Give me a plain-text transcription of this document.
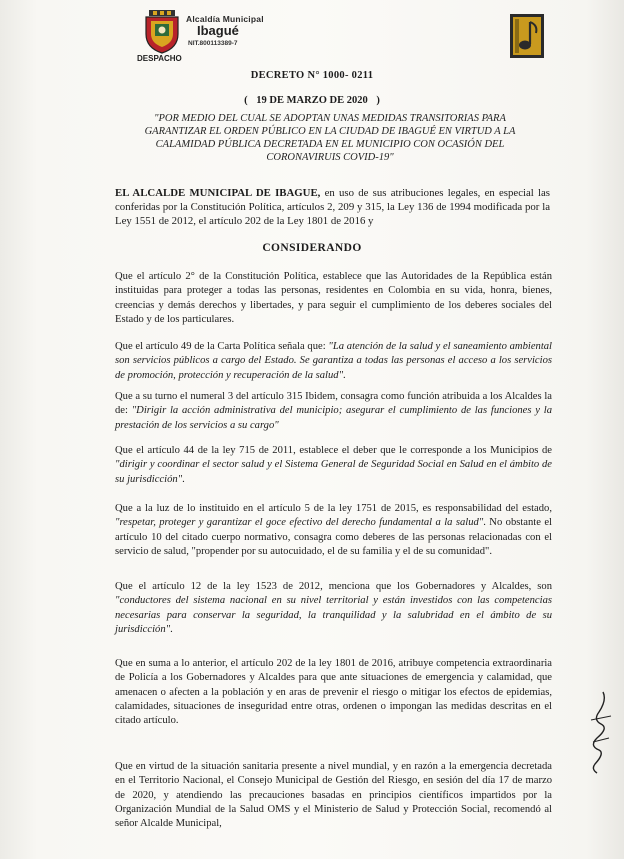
Alcaldía Municipal
Ibagué
NIT.800113389-7
DESPACHO
DECRETO N° 1000- 0211
( 19 DE MARZO DE 2020 )
"POR MEDIO DEL CUAL SE ADOPTAN UNAS MEDIDAS TRANSITORIAS PARA GARANTIZAR EL ORDEN PÚBLICO EN LA CIUDAD DE IBAGUÉ EN VIRTUD A LA CALAMIDAD PÚBLICA DECRETADA EN EL MUNICIPIO CON OCASIÓN DEL CORONAVIRUIS COVID-19"
EL ALCALDE MUNICIPAL DE IBAGUE, en uso de sus atribuciones legales, en especial las conferidas por la Constitución Política, artículos 2, 209 y 315, la Ley 136 de 1994 modificada por la Ley 1551 de 2012, el artículo 202 de la Ley 1801 de 2016 y
CONSIDERANDO
Que el artículo 2° de la Constitución Política, establece que las Autoridades de la República están instituidas para proteger a todas las personas, residentes en Colombia en su vida, honra, bienes, creencias y demás derechos y libertades, y para seguir el cumplimiento de los deberes sociales del Estado y de los particulares.
Que el artículo 49 de la Carta Política señala que: "La atención de la salud y el saneamiento ambiental son servicios públicos a cargo del Estado. Se garantiza a todas las personas el acceso a los servicios de promoción, protección y recuperación de la salud".
Que a su turno el numeral 3 del artículo 315 Ibidem, consagra como función atribuida a los Alcaldes la de: "Dirigir la acción administrativa del municipio; asegurar el cumplimiento de las funciones y la prestación de los servicios a su cargo"
Que el artículo 44 de la ley 715 de 2011, establece el deber que le corresponde a los Municipios de "dirigir y coordinar el sector salud y el Sistema General de Seguridad Social en Salud en el ámbito de su jurisdicción".
Que a la luz de lo instituido en el artículo 5 de la ley 1751 de 2015, es responsabilidad del estado, "respetar, proteger y garantizar el goce efectivo del derecho fundamental a la salud". No obstante el artículo 10 del citado cuerpo normativo, consagra como deberes de las personas relacionadas con el servicio de salud, "propender por su autocuidado, el de su familia y el de su comunidad".
Que el artículo 12 de la ley 1523 de 2012, menciona que los Gobernadores y Alcaldes, son "conductores del sistema nacional en su nivel territorial y están investidos con las competencias necesarias para conservar la seguridad, la tranquilidad y la salubridad en el ámbito de su jurisdicción".
Que en suma a lo anterior, el artículo 202 de la ley 1801 de 2016, atribuye competencia extraordinaria de Policía a los Gobernadores y Alcaldes para que ante situaciones de emergencia y calamidad, que amenacen o afecten a la población y en aras de prevenir el riesgo o mitigar los efectos de epidemias, calamidades, situaciones de inseguridad entre otras, ordenen o impongan las medidas descritas en el citado artículo.
Que en virtud de la situación sanitaria presente a nivel mundial, y en razón a la emergencia decretada en el Territorio Nacional, el Consejo Municipal de Gestión del Riesgo, en sesión del día 17 de marzo de 2020, y atendiendo las precauciones basadas en principios científicos impartidos por la Organización Mundial de la Salud OMS y el Ministerio de Salud y Protección Social, recomendó al señor Alcalde Municipal,
